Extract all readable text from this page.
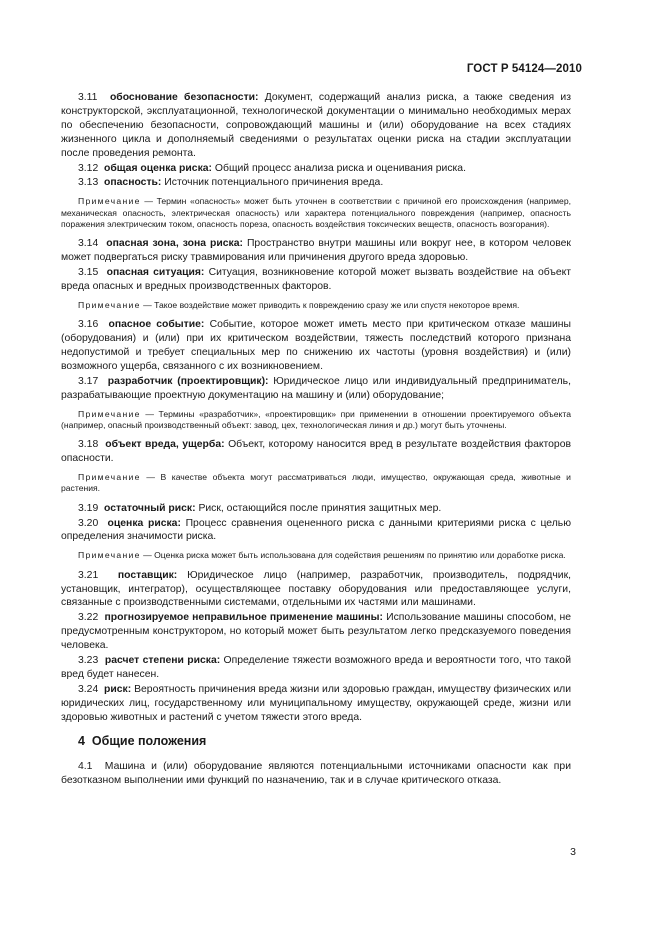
ГОСТ Р 54124—2010

3.11 обоснование безопасности: Документ, содержащий анализ риска, а также сведения из конструкторской, эксплуатационной, технологической документации о минимально необходимых мерах по обеспечению безопасности, сопровождающий машины и (или) оборудование на всех стадиях жизненного цикла и дополняемый сведениями о результатах оценки риска на стадии эксплуатации после проведения ремонта.

3.12 общая оценка риска: Общий процесс анализа риска и оценивания риска.

3.13 опасность: Источник потенциального причинения вреда.

Примечание — Термин «опасность» может быть уточнен в соответствии с причиной его происхождения (например, механическая опасность, электрическая опасность) или характера потенциального повреждения (например, опасность поражения электрическим током, опасность пореза, опасность воздействия токсических веществ, опасность возгорания).

3.14 опасная зона, зона риска: Пространство внутри машины или вокруг нее, в котором человек может подвергаться риску травмирования или причинения другого вреда здоровью.

3.15 опасная ситуация: Ситуация, возникновение которой может вызвать воздействие на объект вреда опасных и вредных производственных факторов.

Примечание — Такое воздействие может приводить к повреждению сразу же или спустя некоторое время.

3.16 опасное событие: Событие, которое может иметь место при критическом отказе машины (оборудования) и (или) при их критическом воздействии, тяжесть последствий которого признана недопустимой и требует специальных мер по снижению их частоты (уровня воздействия) и (или) возможного ущерба, связанного с их возникновением.

3.17 разработчик (проектировщик): Юридическое лицо или индивидуальный предприниматель, разрабатывающие проектную документацию на машину и (или) оборудование;

Примечание — Термины «разработчик», «проектировщик» при применении в отношении проектируемого объекта (например, опасный производственный объект: завод, цех, технологическая линия и др.) могут быть уточнены.

3.18 объект вреда, ущерба: Объект, которому наносится вред в результате воздействия факторов опасности.

Примечание — В качестве объекта могут рассматриваться люди, имущество, окружающая среда, животные и растения.

3.19 остаточный риск: Риск, остающийся после принятия защитных мер.

3.20 оценка риска: Процесс сравнения оцененного риска с данными критериями риска с целью определения значимости риска.

Примечание — Оценка риска может быть использована для содействия решениям по принятию или доработке риска.

3.21 поставщик: Юридическое лицо (например, разработчик, производитель, подрядчик, установщик, интегратор), осуществляющее поставку оборудования или предоставляющее услуги, связанные с производственными системами, отдельными их частями или машинами.

3.22 прогнозируемое неправильное применение машины: Использование машины способом, не предусмотренным конструктором, но который может быть результатом легко предсказуемого поведения человека.

3.23 расчет степени риска: Определение тяжести возможного вреда и вероятности того, что такой вред будет нанесен.

3.24 риск: Вероятность причинения вреда жизни или здоровью граждан, имуществу физических или юридических лиц, государственному или муниципальному имуществу, окружающей среде, жизни или здоровью животных и растений с учетом тяжести этого вреда.

4 Общие положения

4.1 Машина и (или) оборудование являются потенциальными источниками опасности как при безотказном выполнении ими функций по назначению, так и в случае критического отказа.

3
